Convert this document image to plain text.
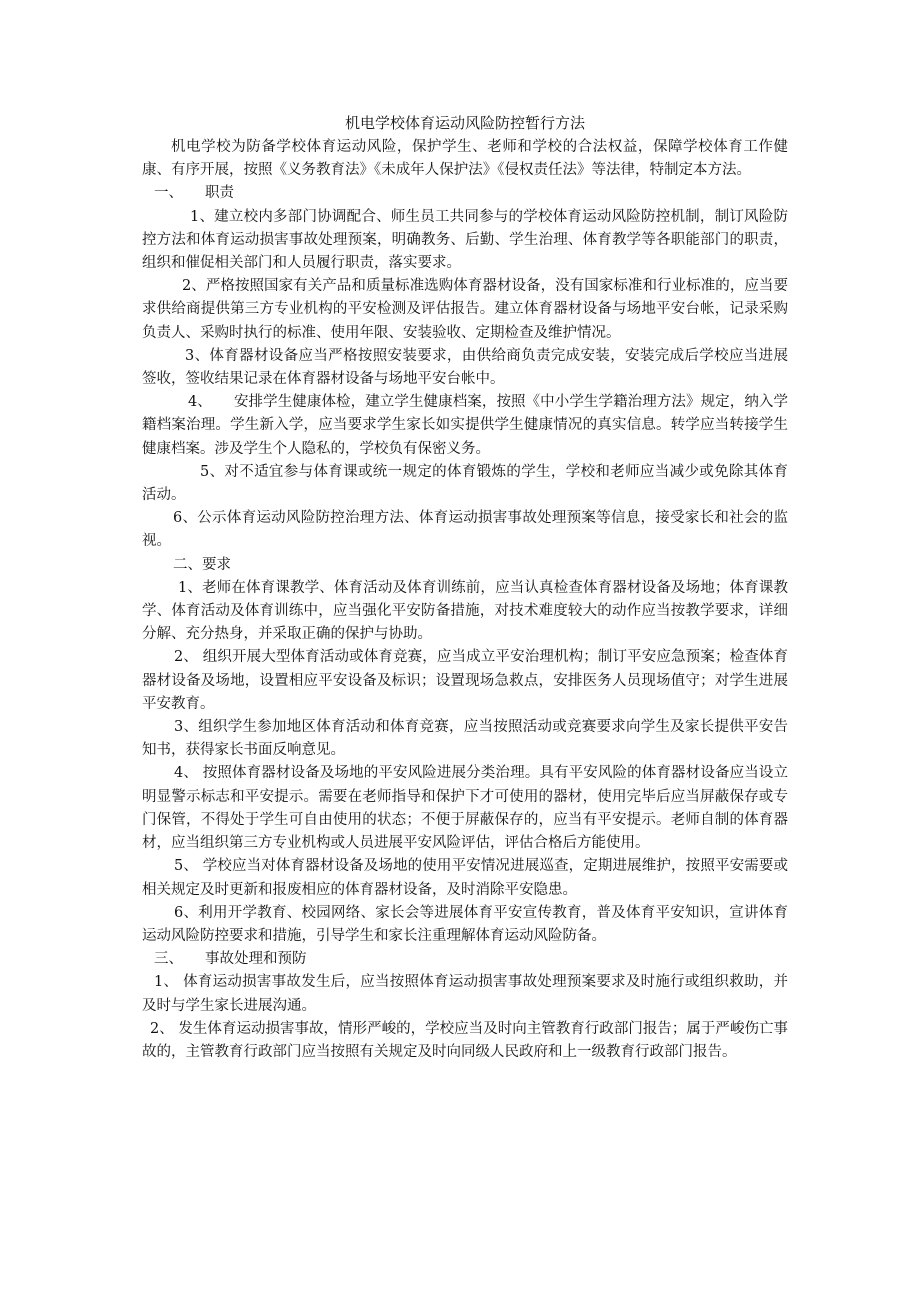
机电学校体育运动风险防控暂行方法

机电学校为防备学校体育运动风险，保护学生、老师和学校的合法权益，保障学校体育工作健康、有序开展，按照《义务教育法》《未成年人保护法》《侵权责任法》等法律，特制定本方法。

一、 职责

1、建立校内多部门协调配合、师生员工共同参与的学校体育运动风险防控机制，制订风险防控方法和体育运动损害事故处理预案，明确教务、后勤、学生治理、体育教学等各职能部门的职责，组织和催促相关部门和人员履行职责，落实要求。

2、严格按照国家有关产品和质量标准选购体育器材设备，没有国家标准和行业标准的，应当要求供给商提供第三方专业机构的平安检测及评估报告。建立体育器材设备与场地平安台帐，记录采购负责人、采购时执行的标准、使用年限、安装验收、定期检查及维护情况。

3、体育器材设备应当严格按照安装要求，由供给商负责完成安装，安装完成后学校应当进展签收，签收结果记录在体育器材设备与场地平安台帐中。

4、 安排学生健康体检，建立学生健康档案，按照《中小学生学籍治理方法》规定，纳入学籍档案治理。学生新入学，应当要求学生家长如实提供学生健康情况的真实信息。转学应当转接学生健康档案。涉及学生个人隐私的，学校负有保密义务。

5、对不适宜参与体育课或统一规定的体育锻炼的学生，学校和老师应当减少或免除其体育活动。

6、公示体育运动风险防控治理方法、体育运动损害事故处理预案等信息，接受家长和社会的监视。

二、要求

1、老师在体育课教学、体育活动及体育训练前，应当认真检查体育器材设备及场地；体育课教学、体育活动及体育训练中，应当强化平安防备措施，对技术难度较大的动作应当按教学要求，详细分解、充分热身，并采取正确的保护与协助。

2、 组织开展大型体育活动或体育竞赛，应当成立平安治理机构；制订平安应急预案；检查体育器材设备及场地，设置相应平安设备及标识；设置现场急救点，安排医务人员现场值守；对学生进展平安教育。

3、组织学生参加地区体育活动和体育竞赛，应当按照活动或竞赛要求向学生及家长提供平安告知书，获得家长书面反响意见。

4、 按照体育器材设备及场地的平安风险进展分类治理。具有平安风险的体育器材设备应当设立明显警示标志和平安提示。需要在老师指导和保护下才可使用的器材，使用完毕后应当屏蔽保存或专门保管，不得处于学生可自由使用的状态；不便于屏蔽保存的，应当有平安提示。老师自制的体育器材，应当组织第三方专业机构或人员进展平安风险评估，评估合格后方能使用。

5、 学校应当对体育器材设备及场地的使用平安情况进展巡查，定期进展维护，按照平安需要或相关规定及时更新和报废相应的体育器材设备，及时消除平安隐患。

6、利用开学教育、校园网络、家长会等进展体育平安宣传教育，普及体育平安知识，宣讲体育运动风险防控要求和措施，引导学生和家长注重理解体育运动风险防备。

三、 事故处理和预防

1、 体育运动损害事故发生后，应当按照体育运动损害事故处理预案要求及时施行或组织救助，并及时与学生家长进展沟通。

2、 发生体育运动损害事故，情形严峻的，学校应当及时向主管教育行政部门报告；属于严峻伤亡事故的，主管教育行政部门应当按照有关规定及时向同级人民政府和上一级教育行政部门报告。
